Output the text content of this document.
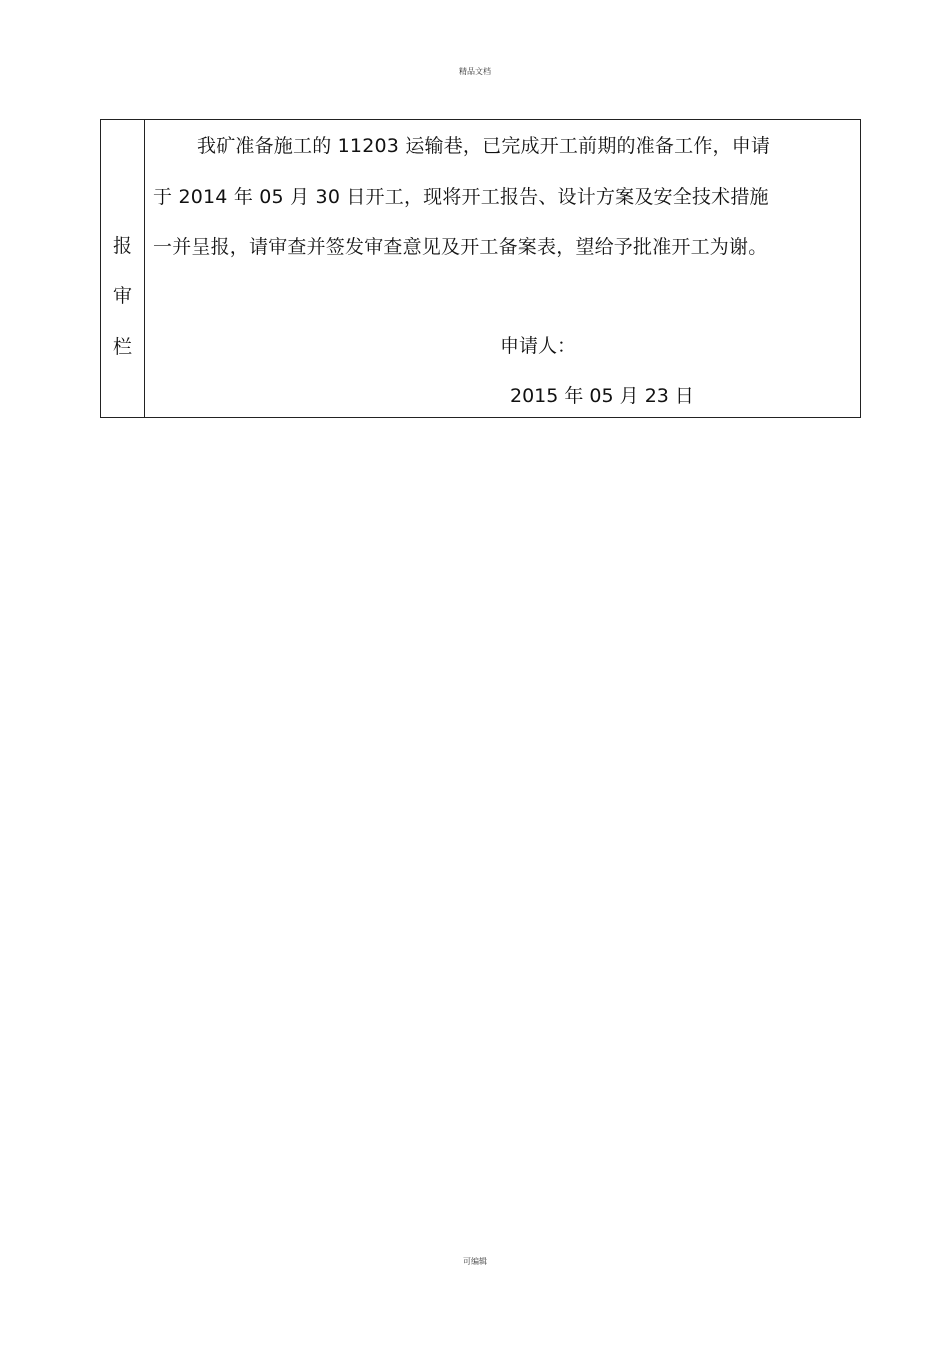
精品文档
报
审
栏
我矿准备施工的 11203 运输巷，已完成开工前期的准备工作，申请
于 2014 年 05 月 30 日开工，现将开工报告、设计方案及安全技术措施
一并呈报，请审查并签发审查意见及开工备案表，望给予批准开工为谢。
申请人：
2015 年 05 月 23 日
可编辑
